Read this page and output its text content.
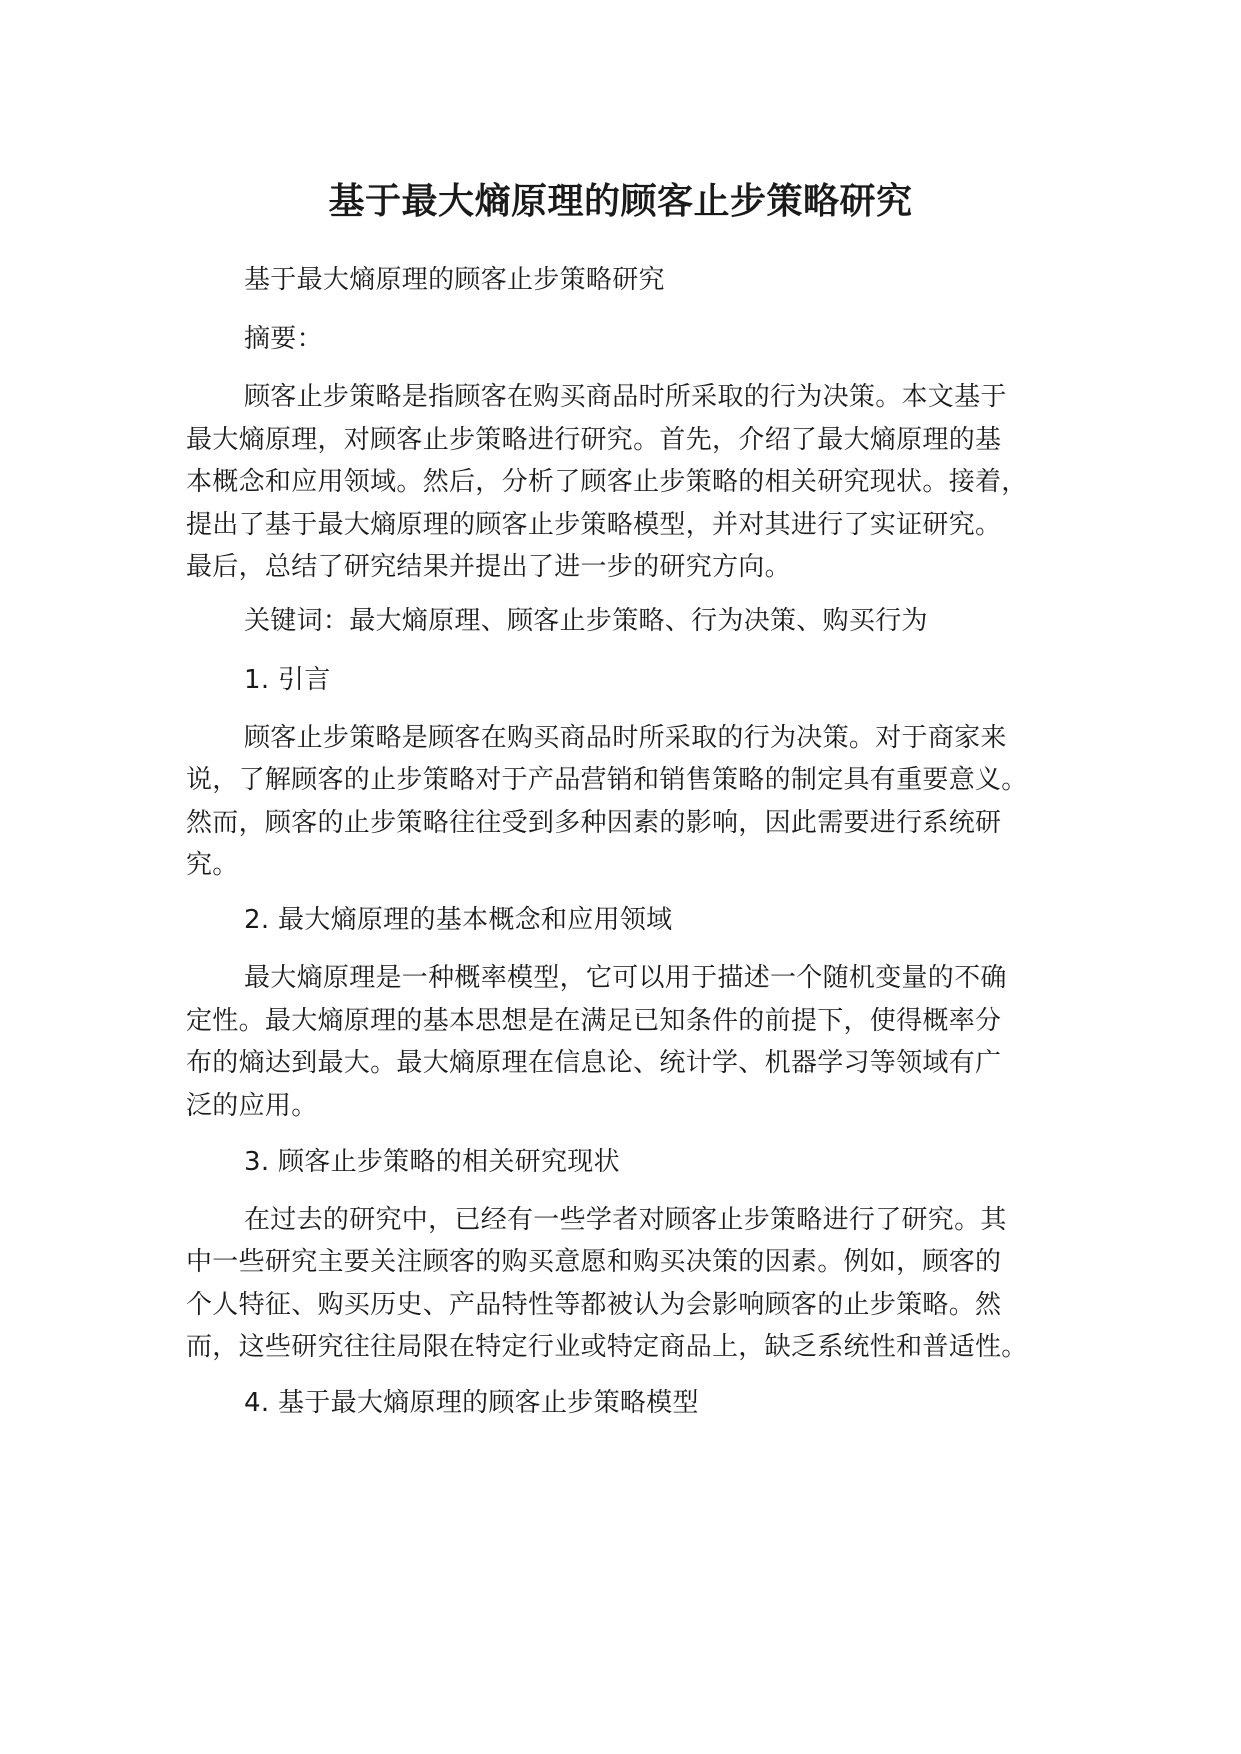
基于最大熵原理的顾客止步策略研究
基于最大熵原理的顾客止步策略研究
摘要：
顾客止步策略是指顾客在购买商品时所采取的行为决策。本文基于
最大熵原理，对顾客止步策略进行研究。首先，介绍了最大熵原理的基
本概念和应用领域。然后，分析了顾客止步策略的相关研究现状。接着，
提出了基于最大熵原理的顾客止步策略模型，并对其进行了实证研究。
最后，总结了研究结果并提出了进一步的研究方向。
关键词：最大熵原理、顾客止步策略、行为决策、购买行为
1. 引言
顾客止步策略是顾客在购买商品时所采取的行为决策。对于商家来
说，了解顾客的止步策略对于产品营销和销售策略的制定具有重要意义。
然而，顾客的止步策略往往受到多种因素的影响，因此需要进行系统研
究。
2. 最大熵原理的基本概念和应用领域
最大熵原理是一种概率模型，它可以用于描述一个随机变量的不确
定性。最大熵原理的基本思想是在满足已知条件的前提下，使得概率分
布的熵达到最大。最大熵原理在信息论、统计学、机器学习等领域有广
泛的应用。
3. 顾客止步策略的相关研究现状
在过去的研究中，已经有一些学者对顾客止步策略进行了研究。其
中一些研究主要关注顾客的购买意愿和购买决策的因素。例如，顾客的
个人特征、购买历史、产品特性等都被认为会影响顾客的止步策略。然
而，这些研究往往局限在特定行业或特定商品上，缺乏系统性和普适性。
4. 基于最大熵原理的顾客止步策略模型
